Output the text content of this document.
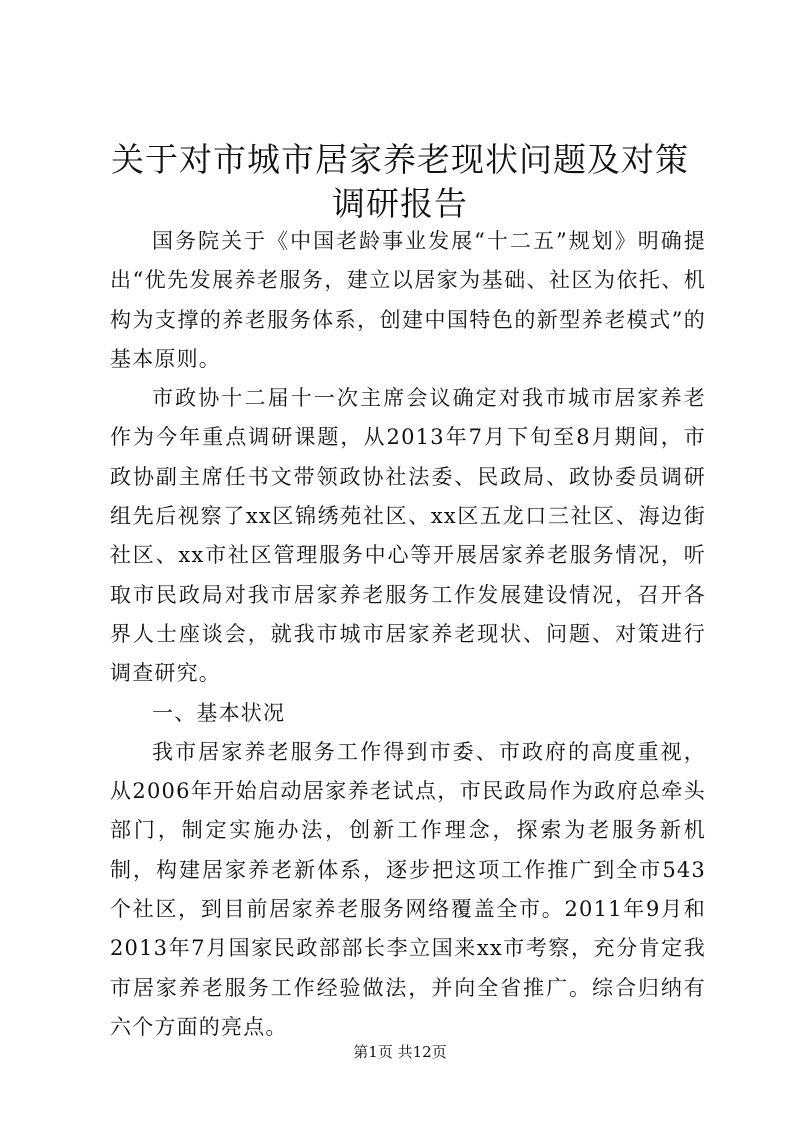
关于对市城市居家养老现状问题及对策调研报告

国务院关于《中国老龄事业发展“十二五”规划》明确提出“优先发展养老服务，建立以居家为基础、社区为依托、机构为支撑的养老服务体系，创建中国特色的新型养老模式”的基本原则。

市政协十二届十一次主席会议确定对我市城市居家养老作为今年重点调研课题，从2013年7月下旬至8月期间，市政协副主席任书文带领政协社法委、民政局、政协委员调研组先后视察了xx区锦绣苑社区、xx区五龙口三社区、海边街社区、xx市社区管理服务中心等开展居家养老服务情况，听取市民政局对我市居家养老服务工作发展建设情况，召开各界人士座谈会，就我市城市居家养老现状、问题、对策进行调查研究。

一、基本状况

我市居家养老服务工作得到市委、市政府的高度重视，从2006年开始启动居家养老试点，市民政局作为政府总牵头部门，制定实施办法，创新工作理念，探索为老服务新机制，构建居家养老新体系，逐步把这项工作推广到全市543个社区，到目前居家养老服务网络覆盖全市。2011年9月和2013年7月国家民政部部长李立国来xx市考察，充分肯定我市居家养老服务工作经验做法，并向全省推广。综合归纳有六个方面的亮点。

第1页 共12页
